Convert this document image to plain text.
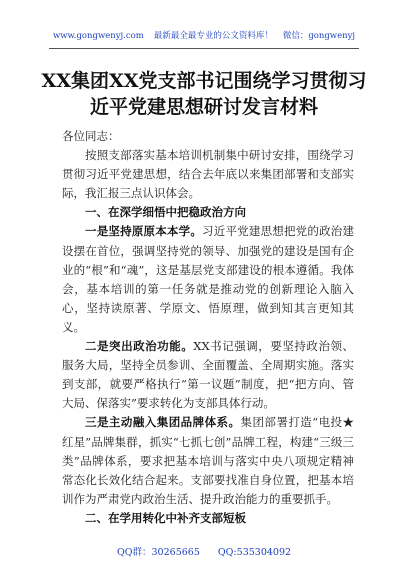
www.gongwenyj.com 最新最全最专业的公文资料库！ 微信：gongwenyj
XX集团XX党支部书记围绕学习贯彻习
近平党建思想研讨发言材料

各位同志：

按照支部落实基本培训机制集中研讨安排，围绕学习贯彻习近平党建思想，结合去年底以来集团部署和支部实际，我汇报三点认识体会。

一、在深学细悟中把稳政治方向

一是坚持原原本本学。习近平党建思想把党的政治建设摆在首位，强调坚持党的领导、加强党的建设是国有企业的“根”和“魂”，这是基层党支部建设的根本遵循。我体会，基本培训的第一任务就是推动党的创新理论入脑入心，坚持读原著、学原文、悟原理，做到知其言更知其义。

二是突出政治功能。XX书记强调，要坚持政治领、服务大局，坚持全员参训、全面覆盖、全周期实施。落实到支部，就要严格执行“第一议题”制度，把“把方向、管大局、保落实”要求转化为支部具体行动。

三是主动融入集团品牌体系。集团部署打造“电投★红星”品牌集群，抓实“七抓七创”品牌工程，构建“三级三类”品牌体系，要求把基本培训与落实中央八项规定精神常态化长效化结合起来。支部要找准自身位置，把基本培训作为严肃党内政治生活、提升政治能力的重要抓手。

二、在学用转化中补齐支部短板

QQ群：30265665 QQ:535304092
